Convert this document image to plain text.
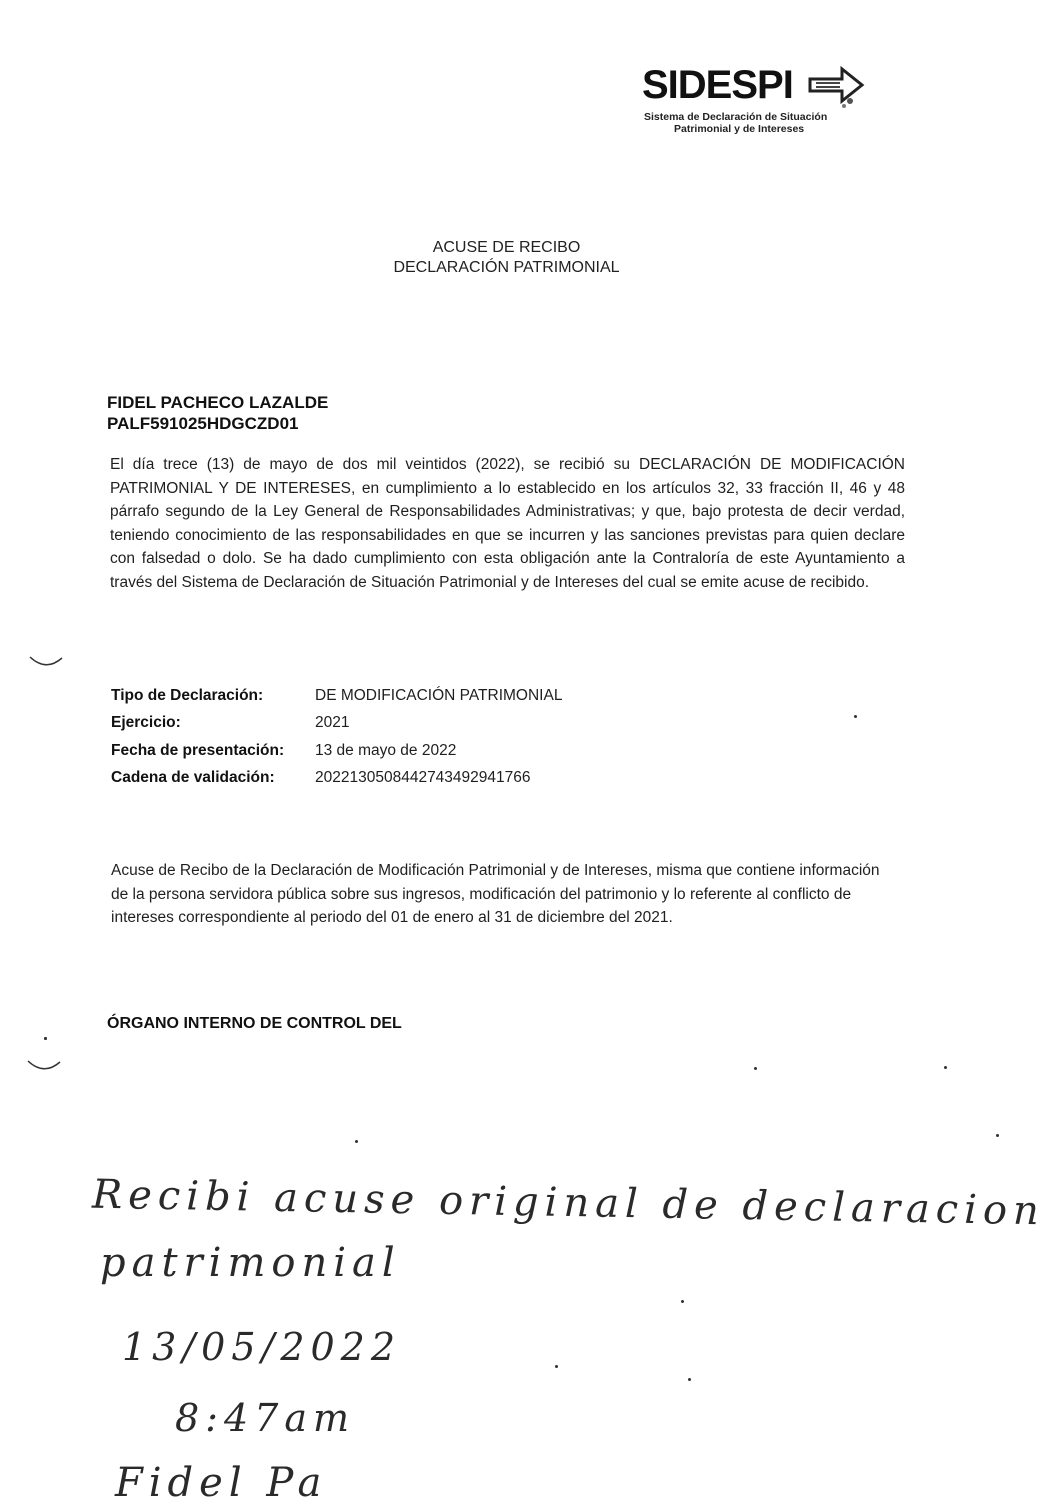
SIDESPI
Sistema de Declaración de Situación
Patrimonial y de Intereses
ACUSE DE RECIBO
DECLARACIÓN PATRIMONIAL
FIDEL PACHECO LAZALDE
PALF591025HDGCZD01
El día trece (13) de mayo de dos mil veintidos (2022), se recibió su DECLARACIÓN DE MODIFICACIÓN PATRIMONIAL Y DE INTERESES, en cumplimiento a lo establecido en los artículos 32, 33 fracción II, 46 y 48 párrafo segundo de la Ley General de Responsabilidades Administrativas; y que, bajo protesta de decir verdad, teniendo conocimiento de las responsabilidades en que se incurren y las sanciones previstas para quien declare con falsedad o dolo. Se ha dado cumplimiento con esta obligación ante la Contraloría de este Ayuntamiento a través del Sistema de Declaración de Situación Patrimonial y de Intereses del cual se emite acuse de recibido.
Tipo de Declaración:	DE MODIFICACIÓN PATRIMONIAL
Ejercicio:	2021
Fecha de presentación:	13 de mayo de 2022
Cadena de validación:	20221305084427434929417​66
Acuse de Recibo de la Declaración de Modificación Patrimonial y de Intereses, misma que contiene información de la persona servidora pública sobre sus ingresos, modificación del patrimonio y lo referente al conflicto de intereses correspondiente al periodo del 01 de enero al 31 de diciembre del 2021.
ÓRGANO INTERNO DE CONTROL DEL
Recibi acuse original de declaracion
patrimonial
13/05/2022
8:47am
Fidel Pa
